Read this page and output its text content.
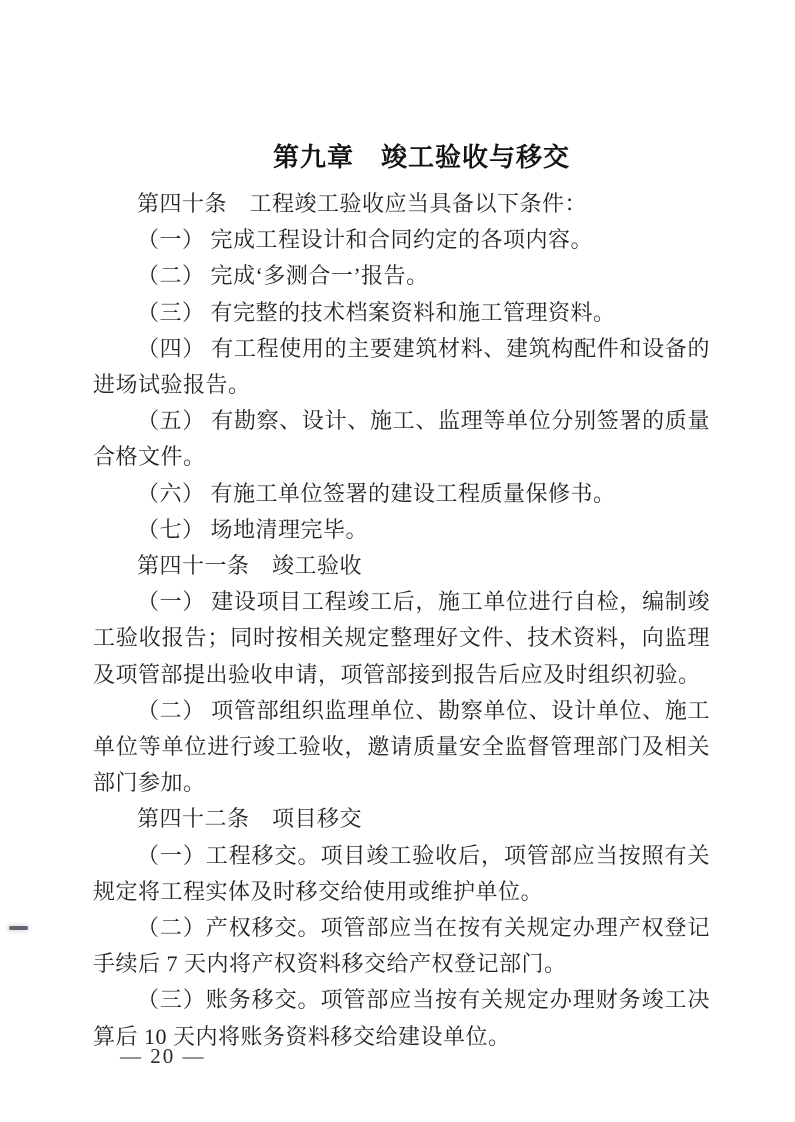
第九章　竣工验收与移交

第四十条　工程竣工验收应当具备以下条件：

（一） 完成工程设计和合同约定的各项内容。

（二） 完成‘多测合一’报告。

（三） 有完整的技术档案资料和施工管理资料。

（四） 有工程使用的主要建筑材料、建筑构配件和设备的进场试验报告。

（五） 有勘察、设计、施工、监理等单位分别签署的质量合格文件。

（六） 有施工单位签署的建设工程质量保修书。

（七） 场地清理完毕。

第四十一条　竣工验收

（一） 建设项目工程竣工后，施工单位进行自检，编制竣工验收报告；同时按相关规定整理好文件、技术资料，向监理及项管部提出验收申请，项管部接到报告后应及时组织初验。

（二） 项管部组织监理单位、勘察单位、设计单位、施工单位等单位进行竣工验收，邀请质量安全监督管理部门及相关部门参加。

第四十二条　项目移交

（一）工程移交。项目竣工验收后，项管部应当按照有关规定将工程实体及时移交给使用或维护单位。

（二）产权移交。项管部应当在按有关规定办理产权登记手续后 7 天内将产权资料移交给产权登记部门。

（三）账务移交。项管部应当按有关规定办理财务竣工决算后 10 天内将账务资料移交给建设单位。

— 20 —
